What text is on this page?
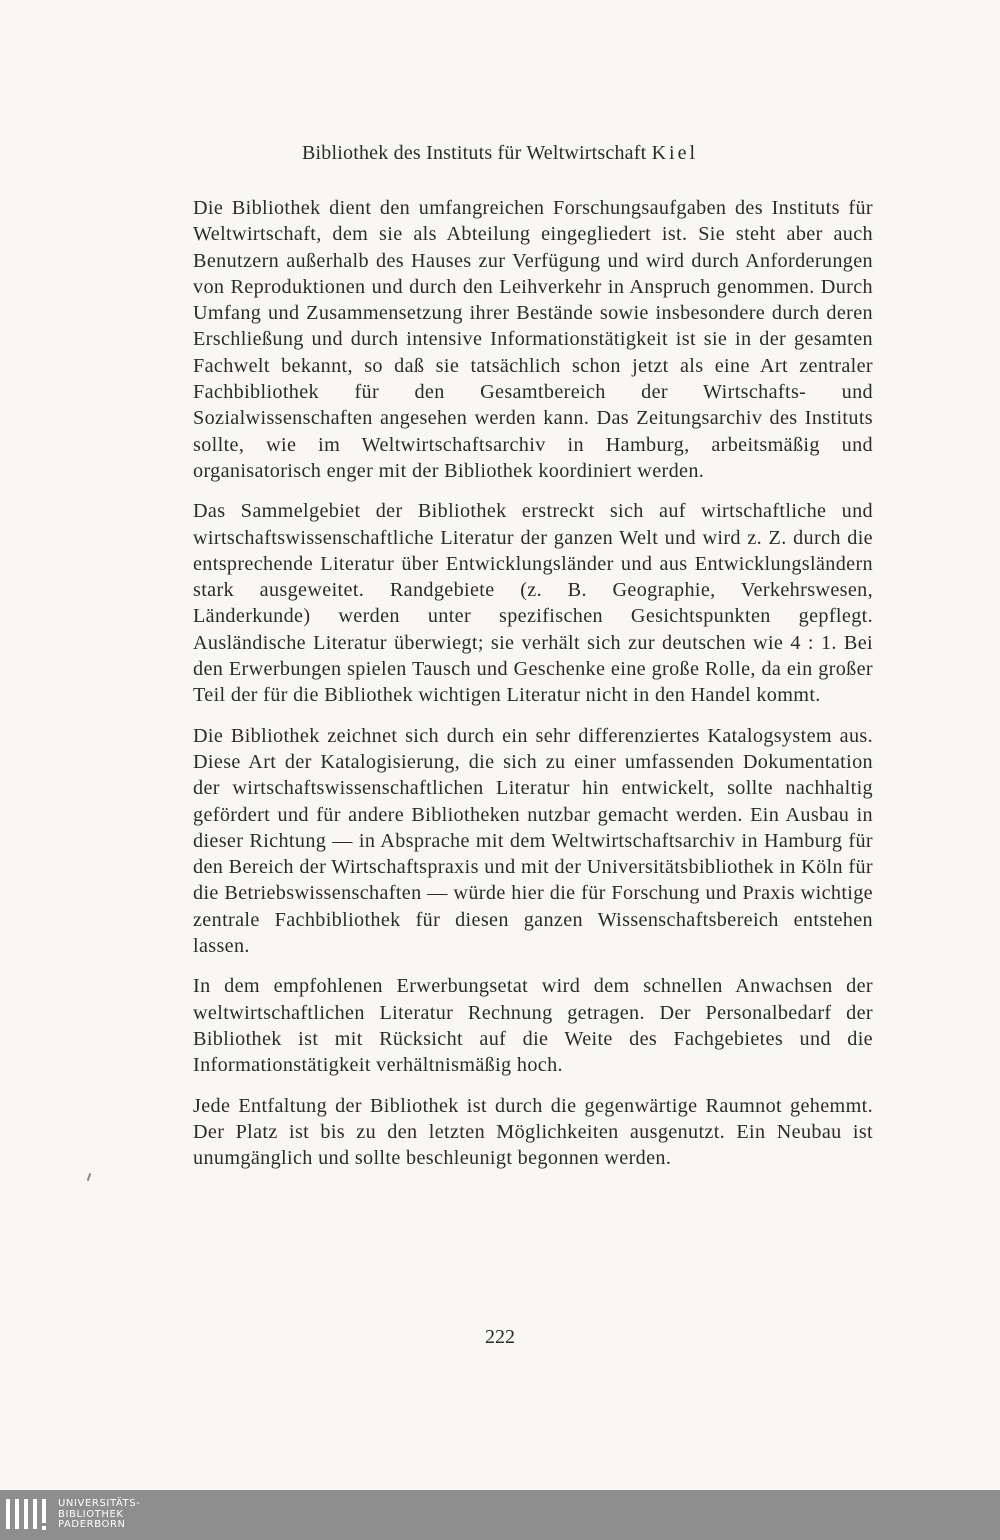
Bibliothek des Instituts für Weltwirtschaft Kiel

Die Bibliothek dient den umfangreichen Forschungsaufgaben des Instituts für Weltwirtschaft, dem sie als Abteilung eingegliedert ist. Sie steht aber auch Benutzern außerhalb des Hauses zur Verfügung und wird durch Anforderungen von Reproduktionen und durch den Leihverkehr in Anspruch genommen. Durch Umfang und Zusammensetzung ihrer Bestände sowie insbesondere durch deren Erschließung und durch intensive Informationstätigkeit ist sie in der gesamten Fachwelt bekannt, so daß sie tatsächlich schon jetzt als eine Art zentraler Fachbibliothek für den Gesamtbereich der Wirtschafts- und Sozialwissenschaften angesehen werden kann. Das Zeitungsarchiv des Instituts sollte, wie im Weltwirtschaftsarchiv in Hamburg, arbeitsmäßig und organisatorisch enger mit der Bibliothek koordiniert werden.

Das Sammelgebiet der Bibliothek erstreckt sich auf wirtschaftliche und wirtschaftswissenschaftliche Literatur der ganzen Welt und wird z. Z. durch die entsprechende Literatur über Entwicklungsländer und aus Entwicklungsländern stark ausgeweitet. Randgebiete (z. B. Geographie, Verkehrswesen, Länderkunde) werden unter spezifischen Gesichtspunkten gepflegt. Ausländische Literatur überwiegt; sie verhält sich zur deutschen wie 4 : 1. Bei den Erwerbungen spielen Tausch und Geschenke eine große Rolle, da ein großer Teil der für die Bibliothek wichtigen Literatur nicht in den Handel kommt.

Die Bibliothek zeichnet sich durch ein sehr differenziertes Katalogsystem aus. Diese Art der Katalogisierung, die sich zu einer umfassenden Dokumentation der wirtschaftswissenschaftlichen Literatur hin entwickelt, sollte nachhaltig gefördert und für andere Bibliotheken nutzbar gemacht werden. Ein Ausbau in dieser Richtung — in Absprache mit dem Weltwirtschaftsarchiv in Hamburg für den Bereich der Wirtschaftspraxis und mit der Universitätsbibliothek in Köln für die Betriebswissenschaften — würde hier die für Forschung und Praxis wichtige zentrale Fachbibliothek für diesen ganzen Wissenschaftsbereich entstehen lassen.

In dem empfohlenen Erwerbungsetat wird dem schnellen Anwachsen der weltwirtschaftlichen Literatur Rechnung getragen. Der Personalbedarf der Bibliothek ist mit Rücksicht auf die Weite des Fachgebietes und die Informationstätigkeit verhältnismäßig hoch.

Jede Entfaltung der Bibliothek ist durch die gegenwärtige Raumnot gehemmt. Der Platz ist bis zu den letzten Möglichkeiten ausgenutzt. Ein Neubau ist unumgänglich und sollte beschleunigt begonnen werden.

222
UNIVERSITÄTS-
BIBLIOTHEK
PADERBORN
